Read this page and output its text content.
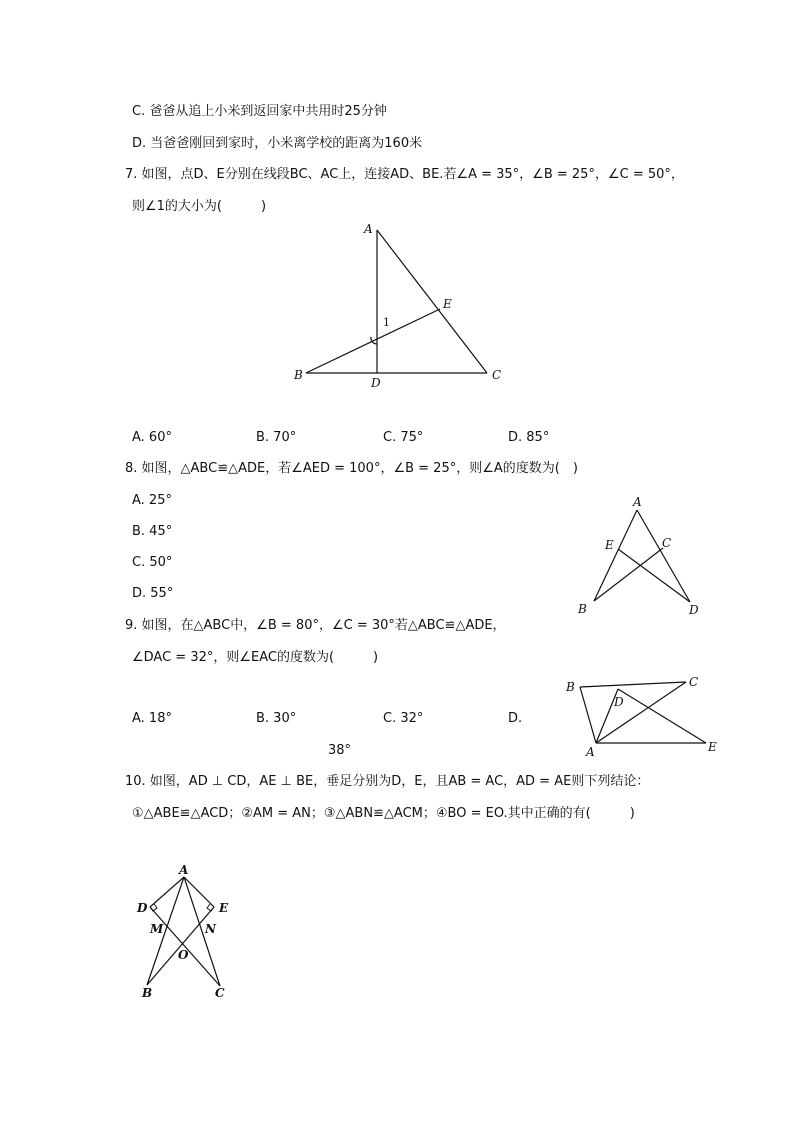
C. 爸爸从追上小米到返回家中共用时25分钟
D. 当爸爸刚回到家时，小米离学校的距离为160米
7. 如图，点D、E分别在线段BC、AC上，连接AD、BE.若∠A = 35°，∠B = 25°，∠C = 50°，
则∠1的大小为(　　　)
A
B	C
D
E
1
A. 60°	B. 70°	C. 75°	D. 85°
8. 如图，△ABC≌△ADE，若∠AED = 100°，∠B = 25°，则∠A的度数为(　)
A. 25°
B. 45°
C. 50°
D. 55°
A
B
C
D
E
9. 如图，在△ABC中，∠B = 80°，∠C = 30°若△ABC≌△ADE，
∠DAC = 32°，则∠EAC的度数为(　　　)
A. 18°	B. 30°	C. 32°	D.
38°	A
B	C
D
E
10. 如图，AD ⊥ CD，AE ⊥ BE，垂足分别为D，E，且AB = AC，AD = AE则下列结论：
①△ABE≌△ACD；②AM = AN；③△ABN≌△ACM；④BO = EO.其中正确的有(　　　)
A
B	C
D	E
M	N
O
